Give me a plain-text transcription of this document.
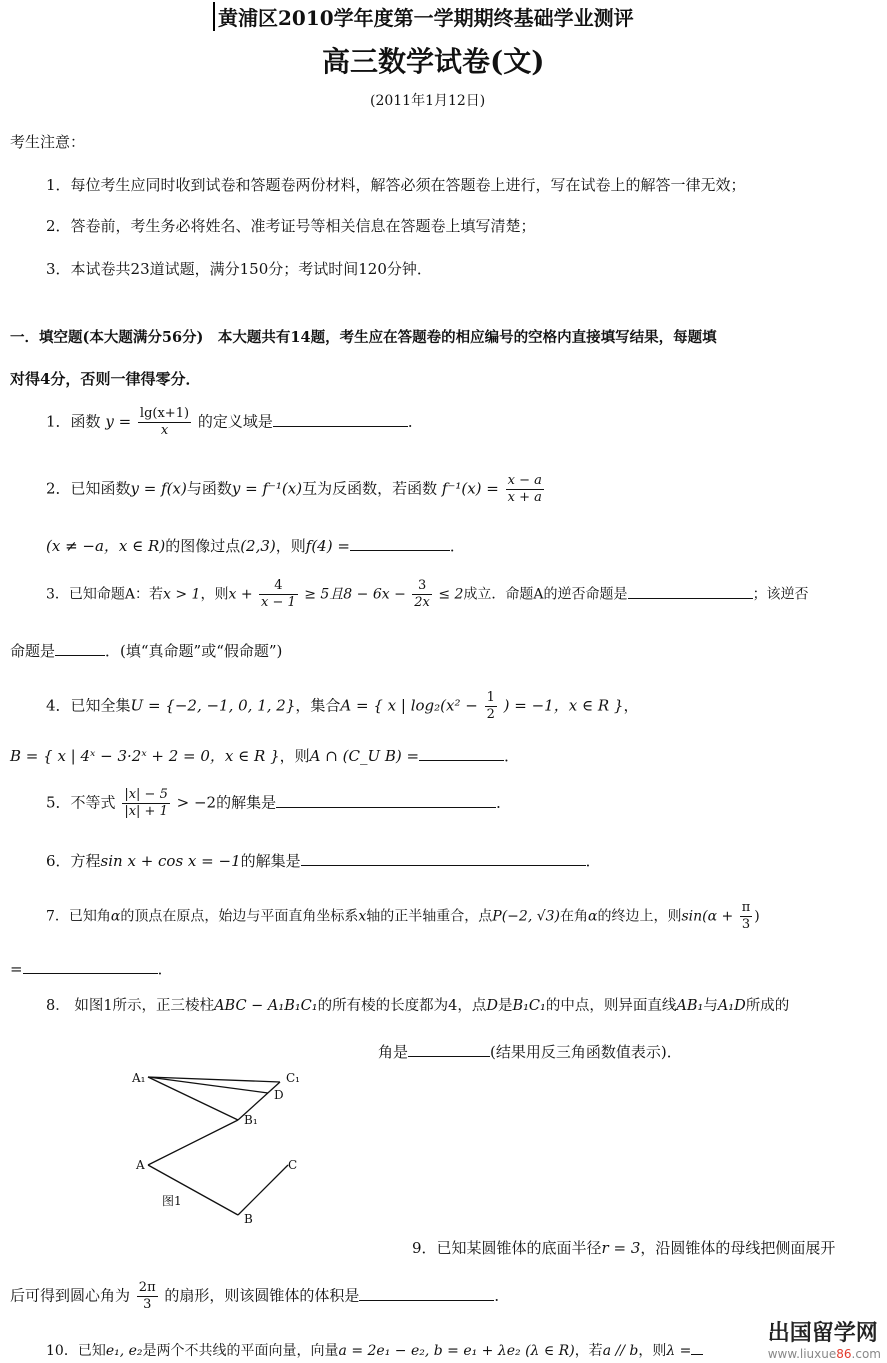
黄浦区2010学年度第一学期期终基础学业测评
高三数学试卷(文)
(2011年1月12日)
考生注意：
1．每位考生应同时收到试卷和答题卷两份材料，解答必须在答题卷上进行，写在试卷上的解答一律无效；
2．答卷前，考生务必将姓名、准考证号等相关信息在答题卷上填写清楚；
3．本试卷共23道试题，满分150分；考试时间120分钟．
一．填空题(本大题满分56分)　本大题共有14题，考生应在答题卷的相应编号的空格内直接填写结果，每题填
对得4分，否则一律得零分．
1．函数 $y = \frac{\lg(x+1)}{x}$ 的定义域是	．
2．已知函数y = f(x)与函数y = f⁻¹(x)互为反函数，若函数 $f^{-1}(x) = \frac{x - a}{x + a}$
(x ≠ −a，x ∈ R)的图像过点(2,3)，则f(4) =	．
3．已知命题A：若x > 1，则$x + \frac{4}{x - 1} \ge 5$且$8 - 6x - \frac{3}{2x} \le 2$成立．命题A的逆否命题是	；该逆否
命题是	．(填“真命题”或“假命题”)
4．已知全集U = {−2, −1, 0, 1, 2}，集合A = { x | $\log_2(x^2 - \frac{1}{2}$ ) = −1，x ∈ R }，
B = { x | 4ˣ − 3·2ˣ + 2 = 0，x ∈ R }，则A ∩ (C_U B) =	．
5．不等式 $\frac{|x| - 5}{|x| + 1} > -2$的解集是	．
6．方程sin x + cos x = −1的解集是	．
7．已知角α的顶点在原点，始边与平面直角坐标系x轴的正半轴重合，点P(−2, √3)在角α的终边上，则$\sin(\alpha + \frac{\pi}{3}$ )
=	．
8． 如图1所示，正三棱柱ABC − A₁B₁C₁的所有棱的长度都为4，点D是B₁C₁的中点，则异面直线AB₁与A₁D所成的
角是	(结果用反三角函数值表示)．
A₁	C₁
D
B₁
A	C
B
图1
9．已知某圆锥体的底面半径r = 3，沿圆锥体的母线把侧面展开
后可得到圆心角为 $\frac{2\pi}{3}$ 的扇形，则该圆锥体的体积是	．
10．已知e₁, e₂是两个不共线的平面向量，向量a = 2e₁ − e₂, b = e₁ + λe₂ (λ ∈ R)，若a // b，则λ =
出国留学网
www.liuxue86.com
